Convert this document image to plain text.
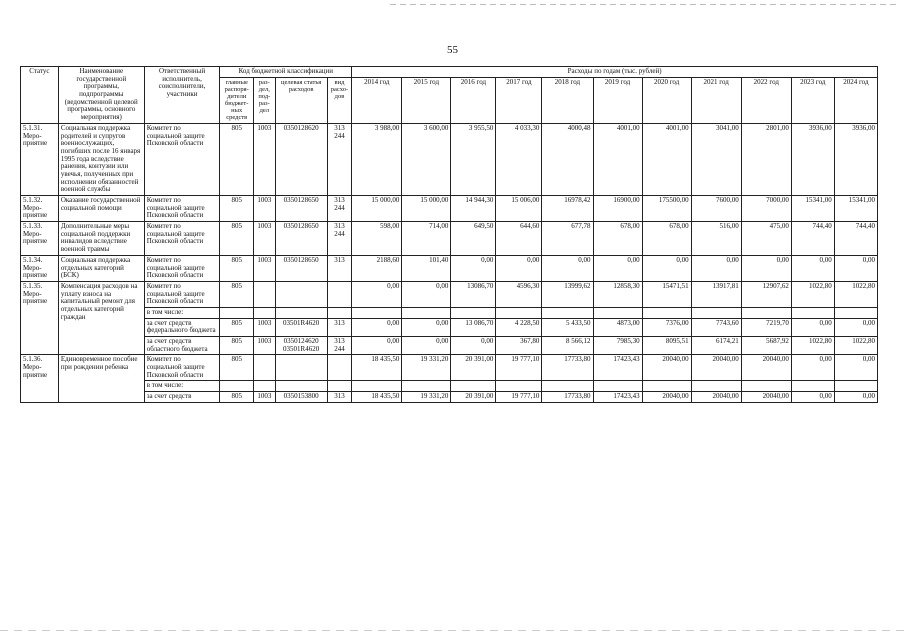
55
Статус	Наименование государственной программы, подпрограммы (ведомственной целевой программы, основного мероприятия)	Ответственный исполнитель, соисполнители, участники	Код бюджетной классификации				Расходы по годам (тыс. рублей)										
			главные распоря- дители бюджет- ных средств	раз- дел, под- раз- дел	целевая статья расходов	вид расхо- дов	2014 год	2015 год	2016 год	2017 год	2018 год	2019 год	2020 год	2021 год	2022 год	2023 год	2024 год
5.1.31. Меро- приятие	Социальная поддержка родителей и супругов военнослужащих, погибших после 16 января 1995 года вследствие ранения, контузии или увечья, полученных при исполнении обязанностей военной службы	Комитет по социальной защите Псковской области	805	1003	0350128620	313 244	3 988,00	3 600,00	3 955,50	4 033,30	4000,48	4001,00	4001,00	3041,00	2801,00	3936,00	3936,00
5.1.32. Меро- приятие	Оказание государственной социальной помощи	Комитет по социальной защите Псковской области	805	1003	0350128650	313 244	15 000,00	15 000,00	14 944,30	15 006,00	16978,42	16900,00	175500,00	7600,00	7000,00	15341,00	15341,00
5.1.33. Меро- приятие	Дополнительные меры социальной поддержки инвалидов вследствие военной травмы	Комитет по социальной защите Псковской области	805	1003	0350128650	313 244	598,00	714,00	649,50	644,60	677,78	678,00	678,00	516,00	475,00	744,40	744,40
5.1.34. Меро- приятие	Социальная поддержка отдельных категорий (БСК)	Комитет по социальной защите Псковской области	805	1003	0350128650	313	2188,60	101,40	0,00	0,00	0,00	0,00	0,00	0,00	0,00	0,00	0,00
5.1.35. Меро- приятие	Компенсация расходов на уплату взноса на капитальный ремонт для отдельных категорий граждан	Комитет по социальной защите Псковской области	805				0,00	0,00	13086,70	4596,30	13999,62	12858,30	15471,51	13917,81	12907,62	1022,80	1022,80
		в том числе:															
		за счет средств федерального бюджета	805	1003	03501R4620	313	0,00	0,00	13 086,70	4 228,50	5 433,50	4873,00	7376,00	7743,60	7219,70	0,00	0,00
		за счет средств областного бюджета	805	1003	0350124620 03501R4620	313 244	0,00	0,00	0,00	367,80	8 566,12	7985,30	8095,51	6174,21	5687,92	1022,80	1022,80
5.1.36. Меро- приятие	Единовременное пособие при рождении ребенка	Комитет по социальной защите Псковской области	805				18 435,50	19 331,20	20 391,00	19 777,10	17733,80	17423,43	20040,00	20040,00	20040,00	0,00	0,00
		в том числе:															
		за счет средств	805	1003	0350153800	313	18 435,50	19 331,20	20 391,00	19 777,10	17733,80	17423,43	20040,00	20040,00	20040,00	0,00	0,00
